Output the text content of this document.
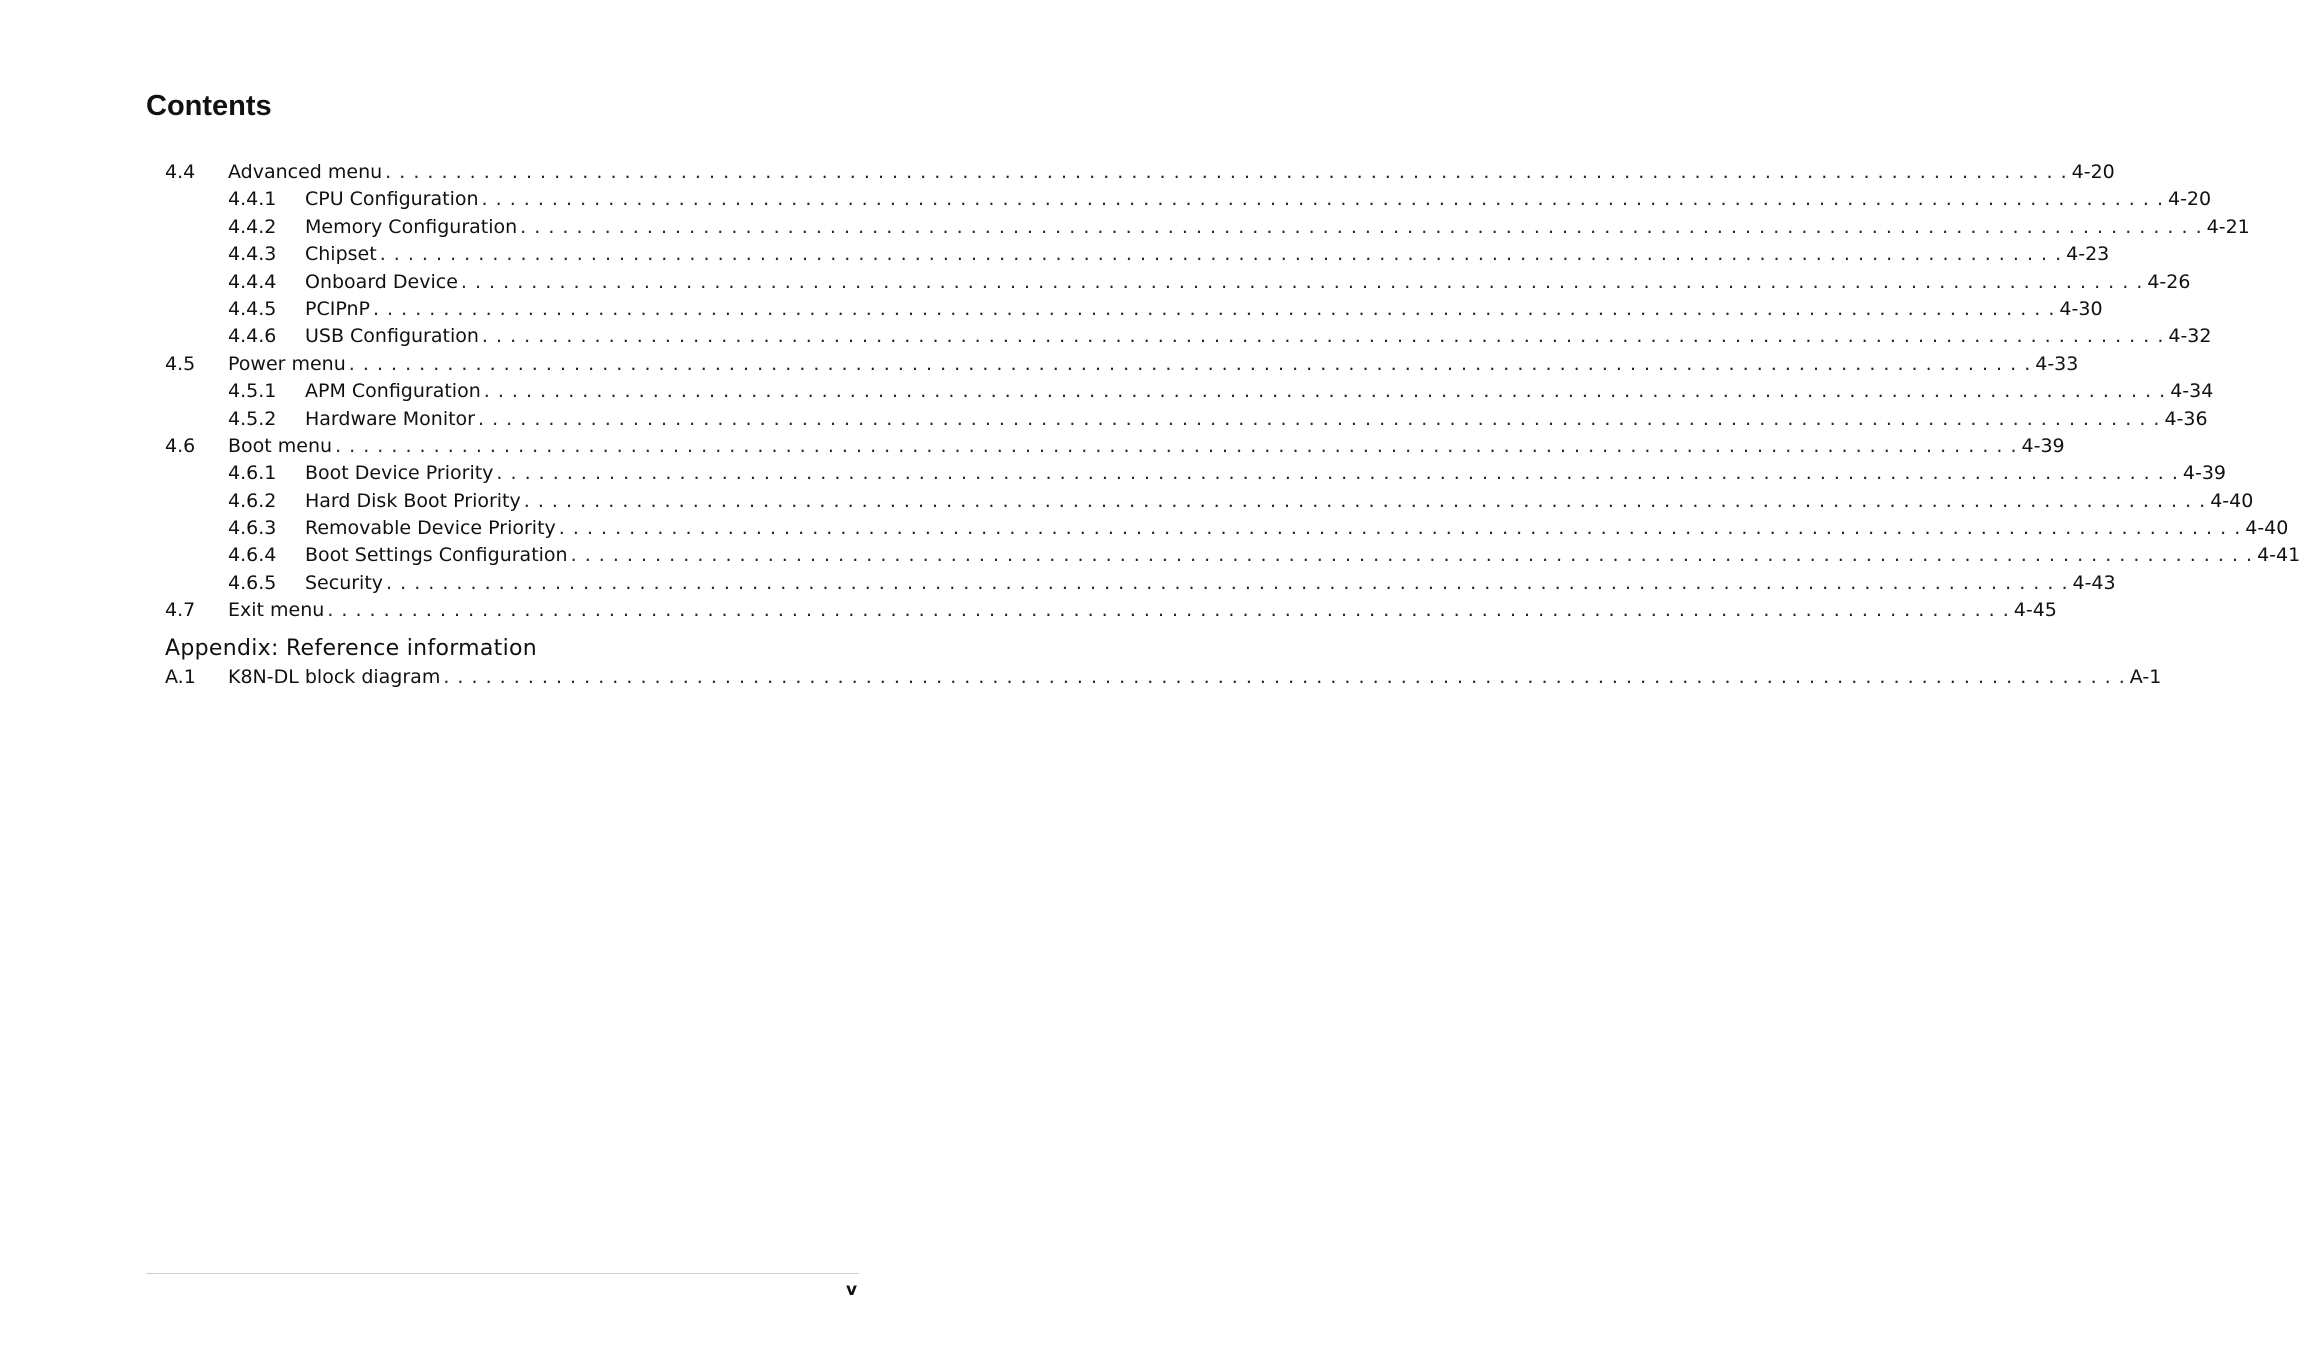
Contents
4.4	Advanced menu . . . . . . . . . . . . . . . . . . . . . . . . . . . . . . . . . . . . . . . . . . . . . . . . . . . . . . . . . . . . . . . . . . . . . . . . . . . . . . . . . . . . . . . . . . . . . . . . . . . . . . . . . . . . . . . . . . . . . . . . 4-20
4.4.1	CPU Configuration . . . . . . . . . . . . . . . . . . . . . . . . . . . . . . . . . . . . . . . . . . . . . . . . . . . . . . . . . . . . . . . . . . . . . . . . . . . . . . . . . . . . . . . . . . . . . . . . . . . . . . . . . . . . . . . . . . . . . . . . 4-20
4.4.2	Memory Configuration . . . . . . . . . . . . . . . . . . . . . . . . . . . . . . . . . . . . . . . . . . . . . . . . . . . . . . . . . . . . . . . . . . . . . . . . . . . . . . . . . . . . . . . . . . . . . . . . . . . . . . . . . . . . . . . . . . . . . . . . 4-21
4.4.3	Chipset . . . . . . . . . . . . . . . . . . . . . . . . . . . . . . . . . . . . . . . . . . . . . . . . . . . . . . . . . . . . . . . . . . . . . . . . . . . . . . . . . . . . . . . . . . . . . . . . . . . . . . . . . . . . . . . . . . . . . . . . 4-23
4.4.4	Onboard Device . . . . . . . . . . . . . . . . . . . . . . . . . . . . . . . . . . . . . . . . . . . . . . . . . . . . . . . . . . . . . . . . . . . . . . . . . . . . . . . . . . . . . . . . . . . . . . . . . . . . . . . . . . . . . . . . . . . . . . . . 4-26
4.4.5	PCIPnP . . . . . . . . . . . . . . . . . . . . . . . . . . . . . . . . . . . . . . . . . . . . . . . . . . . . . . . . . . . . . . . . . . . . . . . . . . . . . . . . . . . . . . . . . . . . . . . . . . . . . . . . . . . . . . . . . . . . . . . . 4-30
4.4.6	USB Configuration . . . . . . . . . . . . . . . . . . . . . . . . . . . . . . . . . . . . . . . . . . . . . . . . . . . . . . . . . . . . . . . . . . . . . . . . . . . . . . . . . . . . . . . . . . . . . . . . . . . . . . . . . . . . . . . . . . . . . . . . 4-32
4.5	Power menu . . . . . . . . . . . . . . . . . . . . . . . . . . . . . . . . . . . . . . . . . . . . . . . . . . . . . . . . . . . . . . . . . . . . . . . . . . . . . . . . . . . . . . . . . . . . . . . . . . . . . . . . . . . . . . . . . . . . . . . . 4-33
4.5.1	APM Configuration . . . . . . . . . . . . . . . . . . . . . . . . . . . . . . . . . . . . . . . . . . . . . . . . . . . . . . . . . . . . . . . . . . . . . . . . . . . . . . . . . . . . . . . . . . . . . . . . . . . . . . . . . . . . . . . . . . . . . . . . 4-34
4.5.2	Hardware Monitor . . . . . . . . . . . . . . . . . . . . . . . . . . . . . . . . . . . . . . . . . . . . . . . . . . . . . . . . . . . . . . . . . . . . . . . . . . . . . . . . . . . . . . . . . . . . . . . . . . . . . . . . . . . . . . . . . . . . . . . . 4-36
4.6	Boot menu . . . . . . . . . . . . . . . . . . . . . . . . . . . . . . . . . . . . . . . . . . . . . . . . . . . . . . . . . . . . . . . . . . . . . . . . . . . . . . . . . . . . . . . . . . . . . . . . . . . . . . . . . . . . . . . . . . . . . . . . 4-39
4.6.1	Boot Device Priority . . . . . . . . . . . . . . . . . . . . . . . . . . . . . . . . . . . . . . . . . . . . . . . . . . . . . . . . . . . . . . . . . . . . . . . . . . . . . . . . . . . . . . . . . . . . . . . . . . . . . . . . . . . . . . . . . . . . . . . . 4-39
4.6.2	Hard Disk Boot Priority . . . . . . . . . . . . . . . . . . . . . . . . . . . . . . . . . . . . . . . . . . . . . . . . . . . . . . . . . . . . . . . . . . . . . . . . . . . . . . . . . . . . . . . . . . . . . . . . . . . . . . . . . . . . . . . . . . . . . . . . 4-40
4.6.3	Removable Device Priority . . . . . . . . . . . . . . . . . . . . . . . . . . . . . . . . . . . . . . . . . . . . . . . . . . . . . . . . . . . . . . . . . . . . . . . . . . . . . . . . . . . . . . . . . . . . . . . . . . . . . . . . . . . . . . . . . . . . . . . . 4-40
4.6.4	Boot Settings Configuration . . . . . . . . . . . . . . . . . . . . . . . . . . . . . . . . . . . . . . . . . . . . . . . . . . . . . . . . . . . . . . . . . . . . . . . . . . . . . . . . . . . . . . . . . . . . . . . . . . . . . . . . . . . . . . . . . . . . . . . . 4-41
4.6.5	Security . . . . . . . . . . . . . . . . . . . . . . . . . . . . . . . . . . . . . . . . . . . . . . . . . . . . . . . . . . . . . . . . . . . . . . . . . . . . . . . . . . . . . . . . . . . . . . . . . . . . . . . . . . . . . . . . . . . . . . . . 4-43
4.7	Exit menu . . . . . . . . . . . . . . . . . . . . . . . . . . . . . . . . . . . . . . . . . . . . . . . . . . . . . . . . . . . . . . . . . . . . . . . . . . . . . . . . . . . . . . . . . . . . . . . . . . . . . . . . . . . . . . . . . . . . . . . . 4-45
Appendix: Reference information
A.1	K8N-DL block diagram . . . . . . . . . . . . . . . . . . . . . . . . . . . . . . . . . . . . . . . . . . . . . . . . . . . . . . . . . . . . . . . . . . . . . . . . . . . . . . . . . . . . . . . . . . . . . . . . . . . . . . . . . . . . . . . . . . . . . . . . A-1
v
